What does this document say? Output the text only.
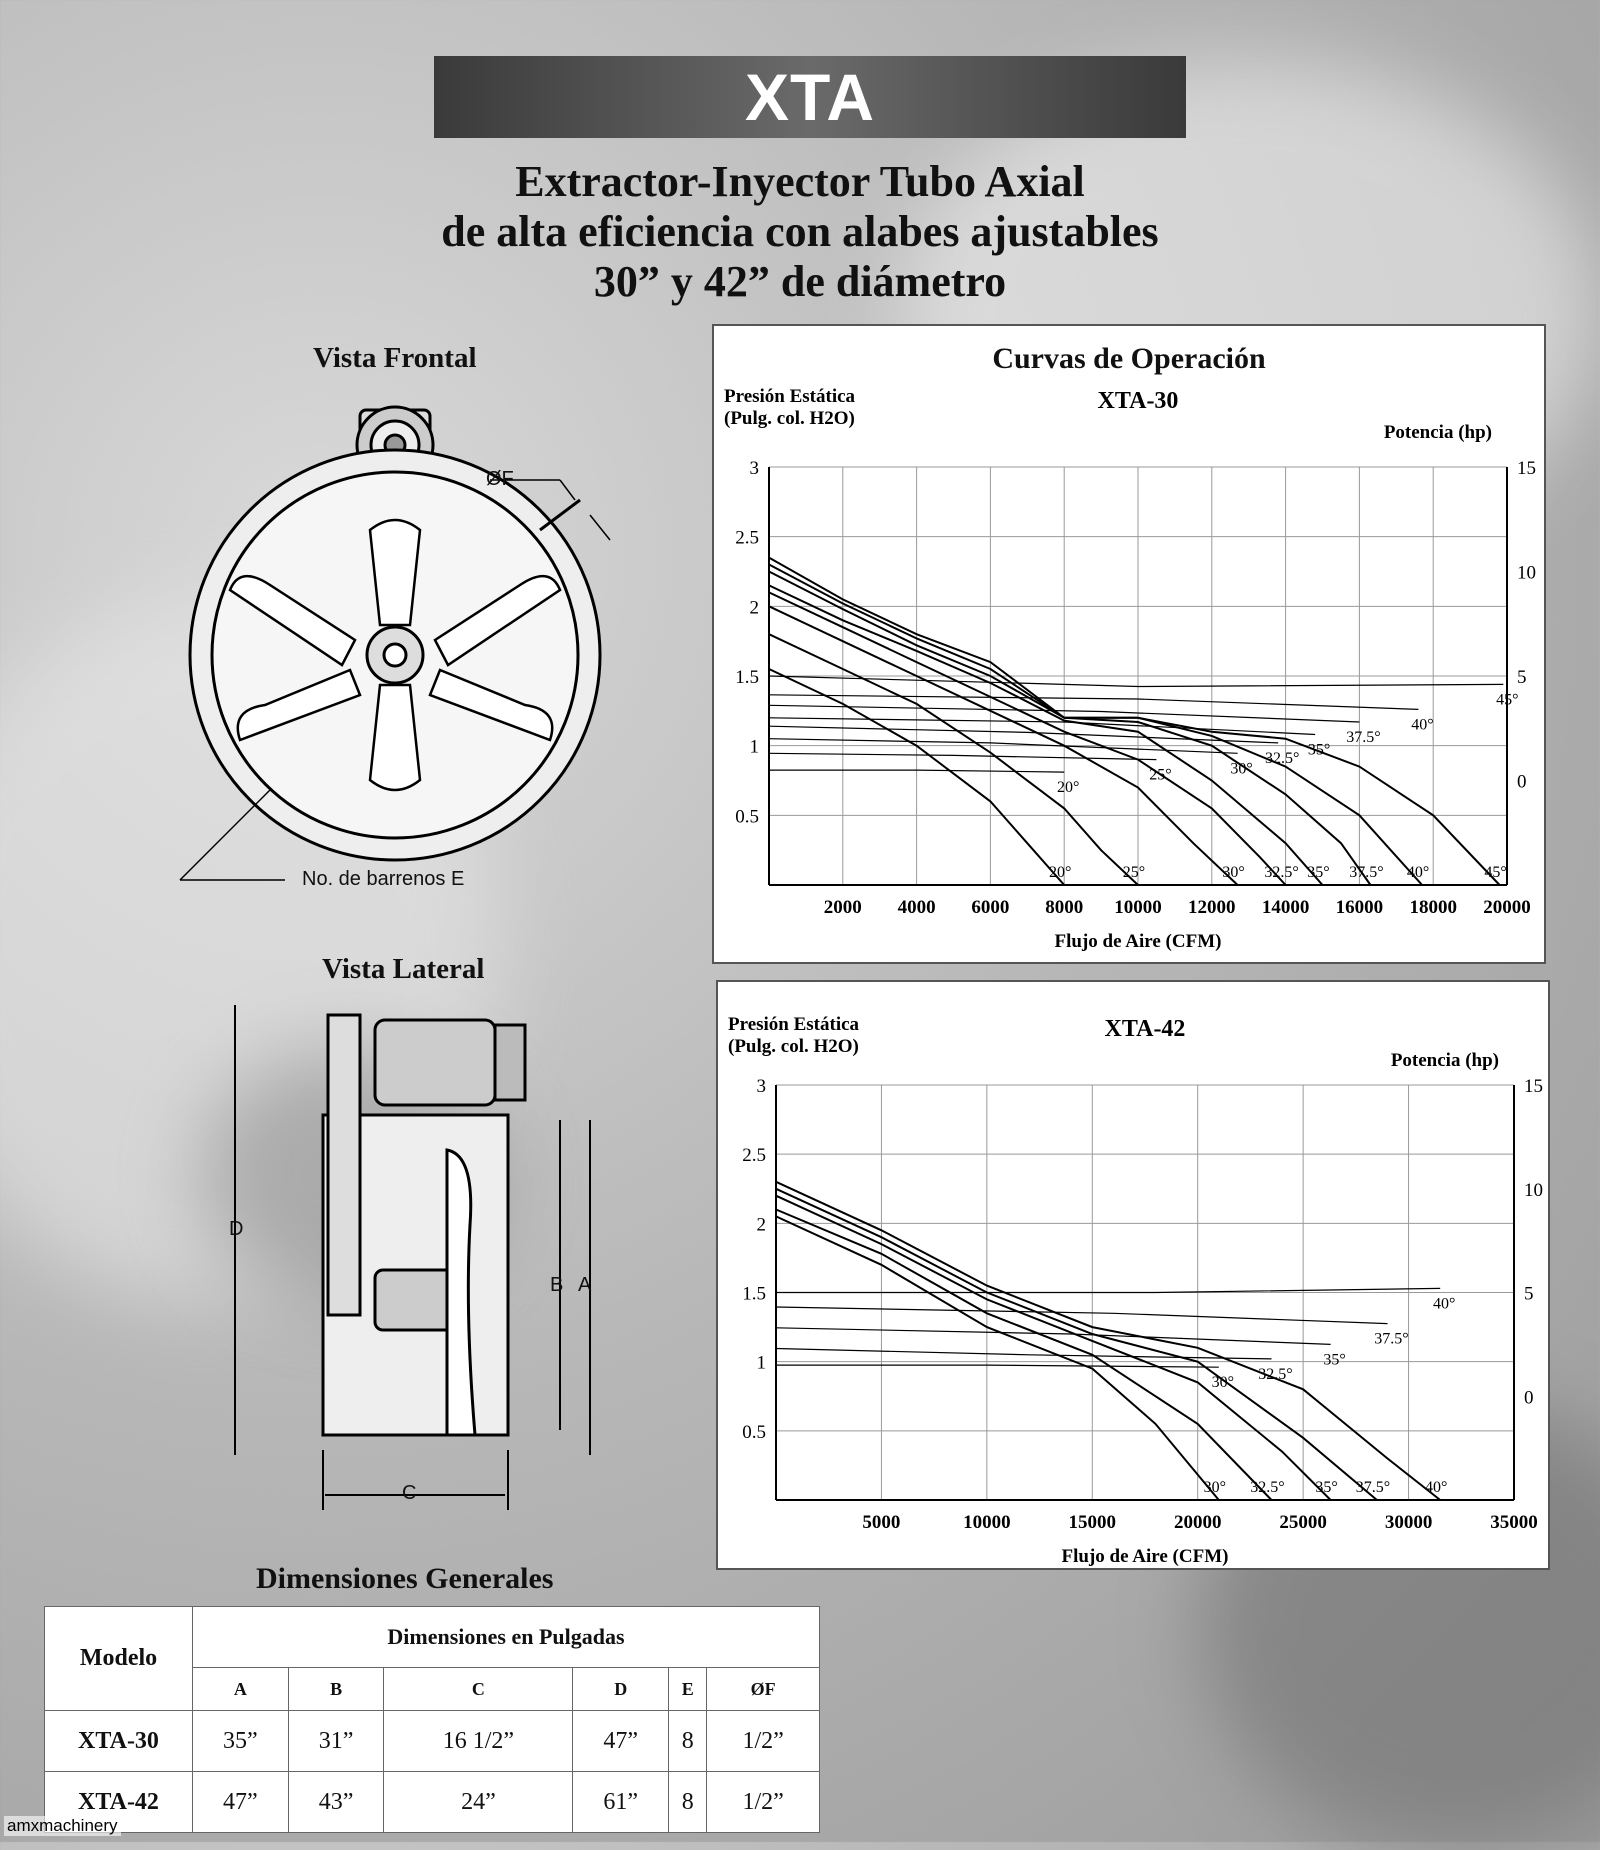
XTA
Extractor-Inyector Tubo Axial
de alta eficiencia con alabes ajustables
30” y 42” de diámetro
Vista Frontal
ØF
No. de barrenos E
Vista Lateral
D
B A
C
Curvas de Operación
2000 4000 6000 8000 10000 12000 14000 16000 18000 20000
0.5
1
1.5
2
2.5
3
0
5
10
15
XTA-30
Presión Estática
(Pulg. col. H2O)
Potencia (hp)
Flujo de Aire (CFM)
20°	25°	30° 32.5° 35° 37.5° 40°	45°
20°
25°	30°
32.5° 35°
37.5°
40°
45°
5000	10000	15000	20000	25000	30000	35000
0.5
1
1.5
2
2.5
3
0
5
10
15
XTA-42
Presión Estática
(Pulg. col. H2O)
Potencia (hp)
Flujo de Aire (CFM)
30° 32.5° 35° 37.5° 40°
30° 32.5°
35°
37.5°
40°
Dimensiones Generales
Modelo	Dimensiones en Pulgadas					
	A	B	C	D	E	ØF
XTA-30	35”	31”	16 1/2”	47”	8	1/2”
XTA-42	47”	43”	24”	61”	8	1/2”
amxmachinery
